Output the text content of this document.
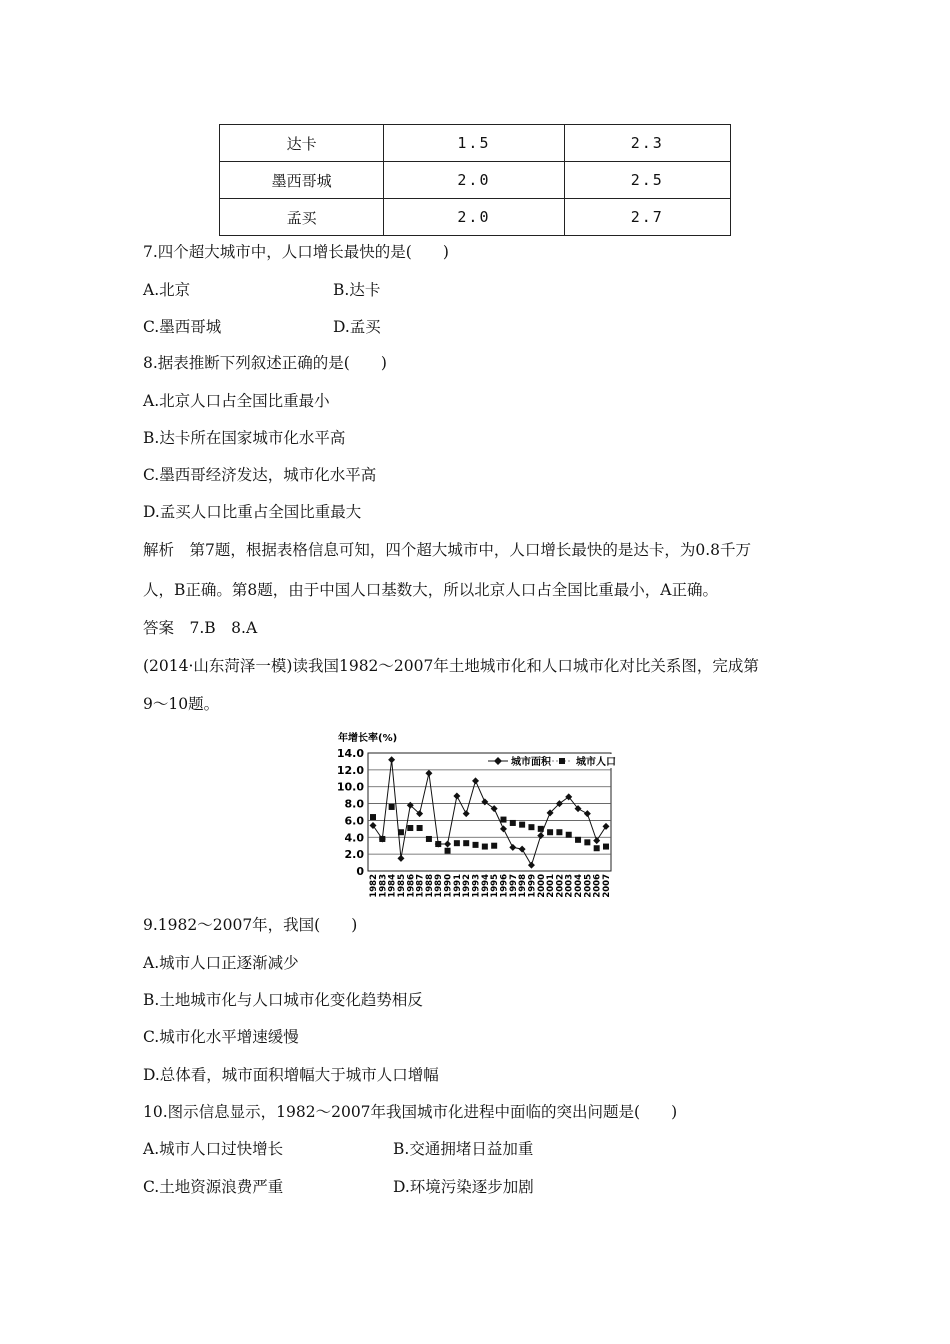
达卡	1.5	2.3
墨西哥城	2.0	2.5
孟买	2.0	2.7
7.四个超大城市中，人口增长最快的是(　　)
A.北京	B.达卡
C.墨西哥城	D.孟买
8.据表推断下列叙述正确的是(　　)
A.北京人口占全国比重最小
B.达卡所在国家城市化水平高
C.墨西哥经济发达，城市化水平高
D.孟买人口比重占全国比重最大
解析　第7题，根据表格信息可知，四个超大城市中，人口增长最快的是达卡，为0.8千万
人，B正确。第8题，由于中国人口基数大，所以北京人口占全国比重最小，A正确。
答案　7.B　8.A
(2014·山东菏泽一模)读我国1982～2007年土地城市化和人口城市化对比关系图，完成第
9～10题。
年增长率(%)
14.0
12.0
10.0
8.0
6.0
4.0
2.0
0
1982 1983 1984 1985 1986 1987 1988 1989 1990 1991 1992 1993 1994 1995 1996 1997 1998 1999 2000 2001 2002 2003 2004 2005 2006 2007
城市面积	城市人口
9.1982～2007年，我国(　　)
A.城市人口正逐渐减少
B.土地城市化与人口城市化变化趋势相反
C.城市化水平增速缓慢
D.总体看，城市面积增幅大于城市人口增幅
10.图示信息显示，1982～2007年我国城市化进程中面临的突出问题是(　　)
A.城市人口过快增长	B.交通拥堵日益加重
C.土地资源浪费严重	D.环境污染逐步加剧
